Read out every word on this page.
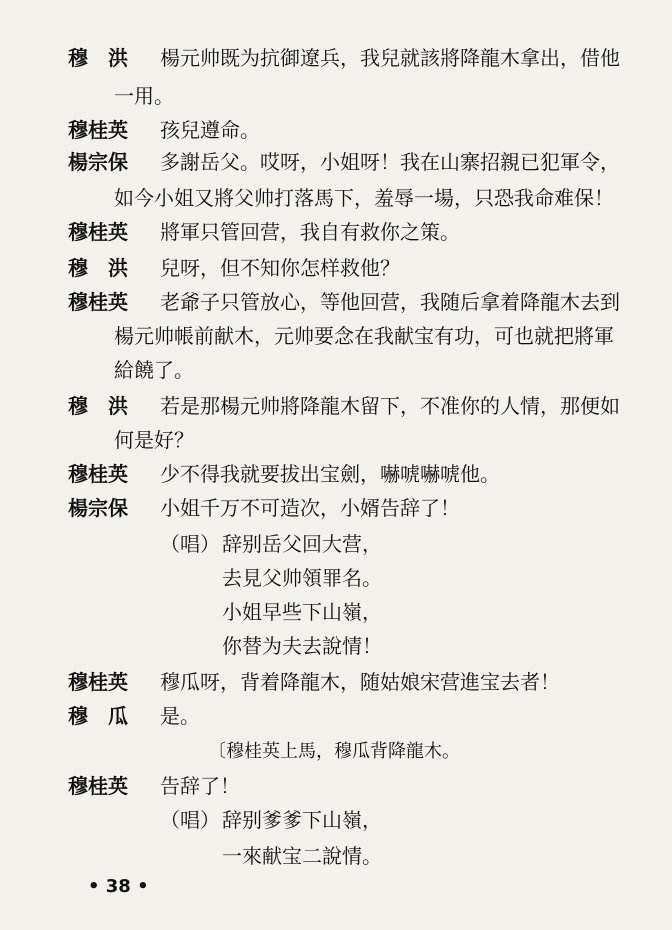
穆　洪 楊元帅既为抗御遼兵，我兒就該將降龍木拿出，借他
一用。
穆桂英 孩兒遵命。
楊宗保 多謝岳父。哎呀，小姐呀！我在山寨招親已犯軍令，
如今小姐又將父帅打落馬下，羞辱一場，只恐我命难保！
穆桂英 將軍只管回营，我自有救你之策。
穆　洪 兒呀，但不知你怎样救他？
穆桂英 老爺子只管放心，等他回营，我随后拿着降龍木去到
楊元帅帳前献木，元帅要念在我献宝有功，可也就把將軍
給饒了。
穆　洪 若是那楊元帅將降龍木留下，不准你的人情，那便如
何是好？
穆桂英 少不得我就要拔出宝劍，嚇唬嚇唬他。
楊宗保 小姐千万不可造次，小婿告辞了！
（唱） 辞别岳父回大营，
去見父帅領罪名。
小姐早些下山嶺，
你替为夫去說情！
穆桂英 穆瓜呀，背着降龍木，随姑娘宋营進宝去者！
穆　瓜 是。
〔穆桂英上馬，穆瓜背降龍木。
穆桂英 告辞了！
（唱） 辞别爹爹下山嶺，
一來献宝二說情。
• 38 •
